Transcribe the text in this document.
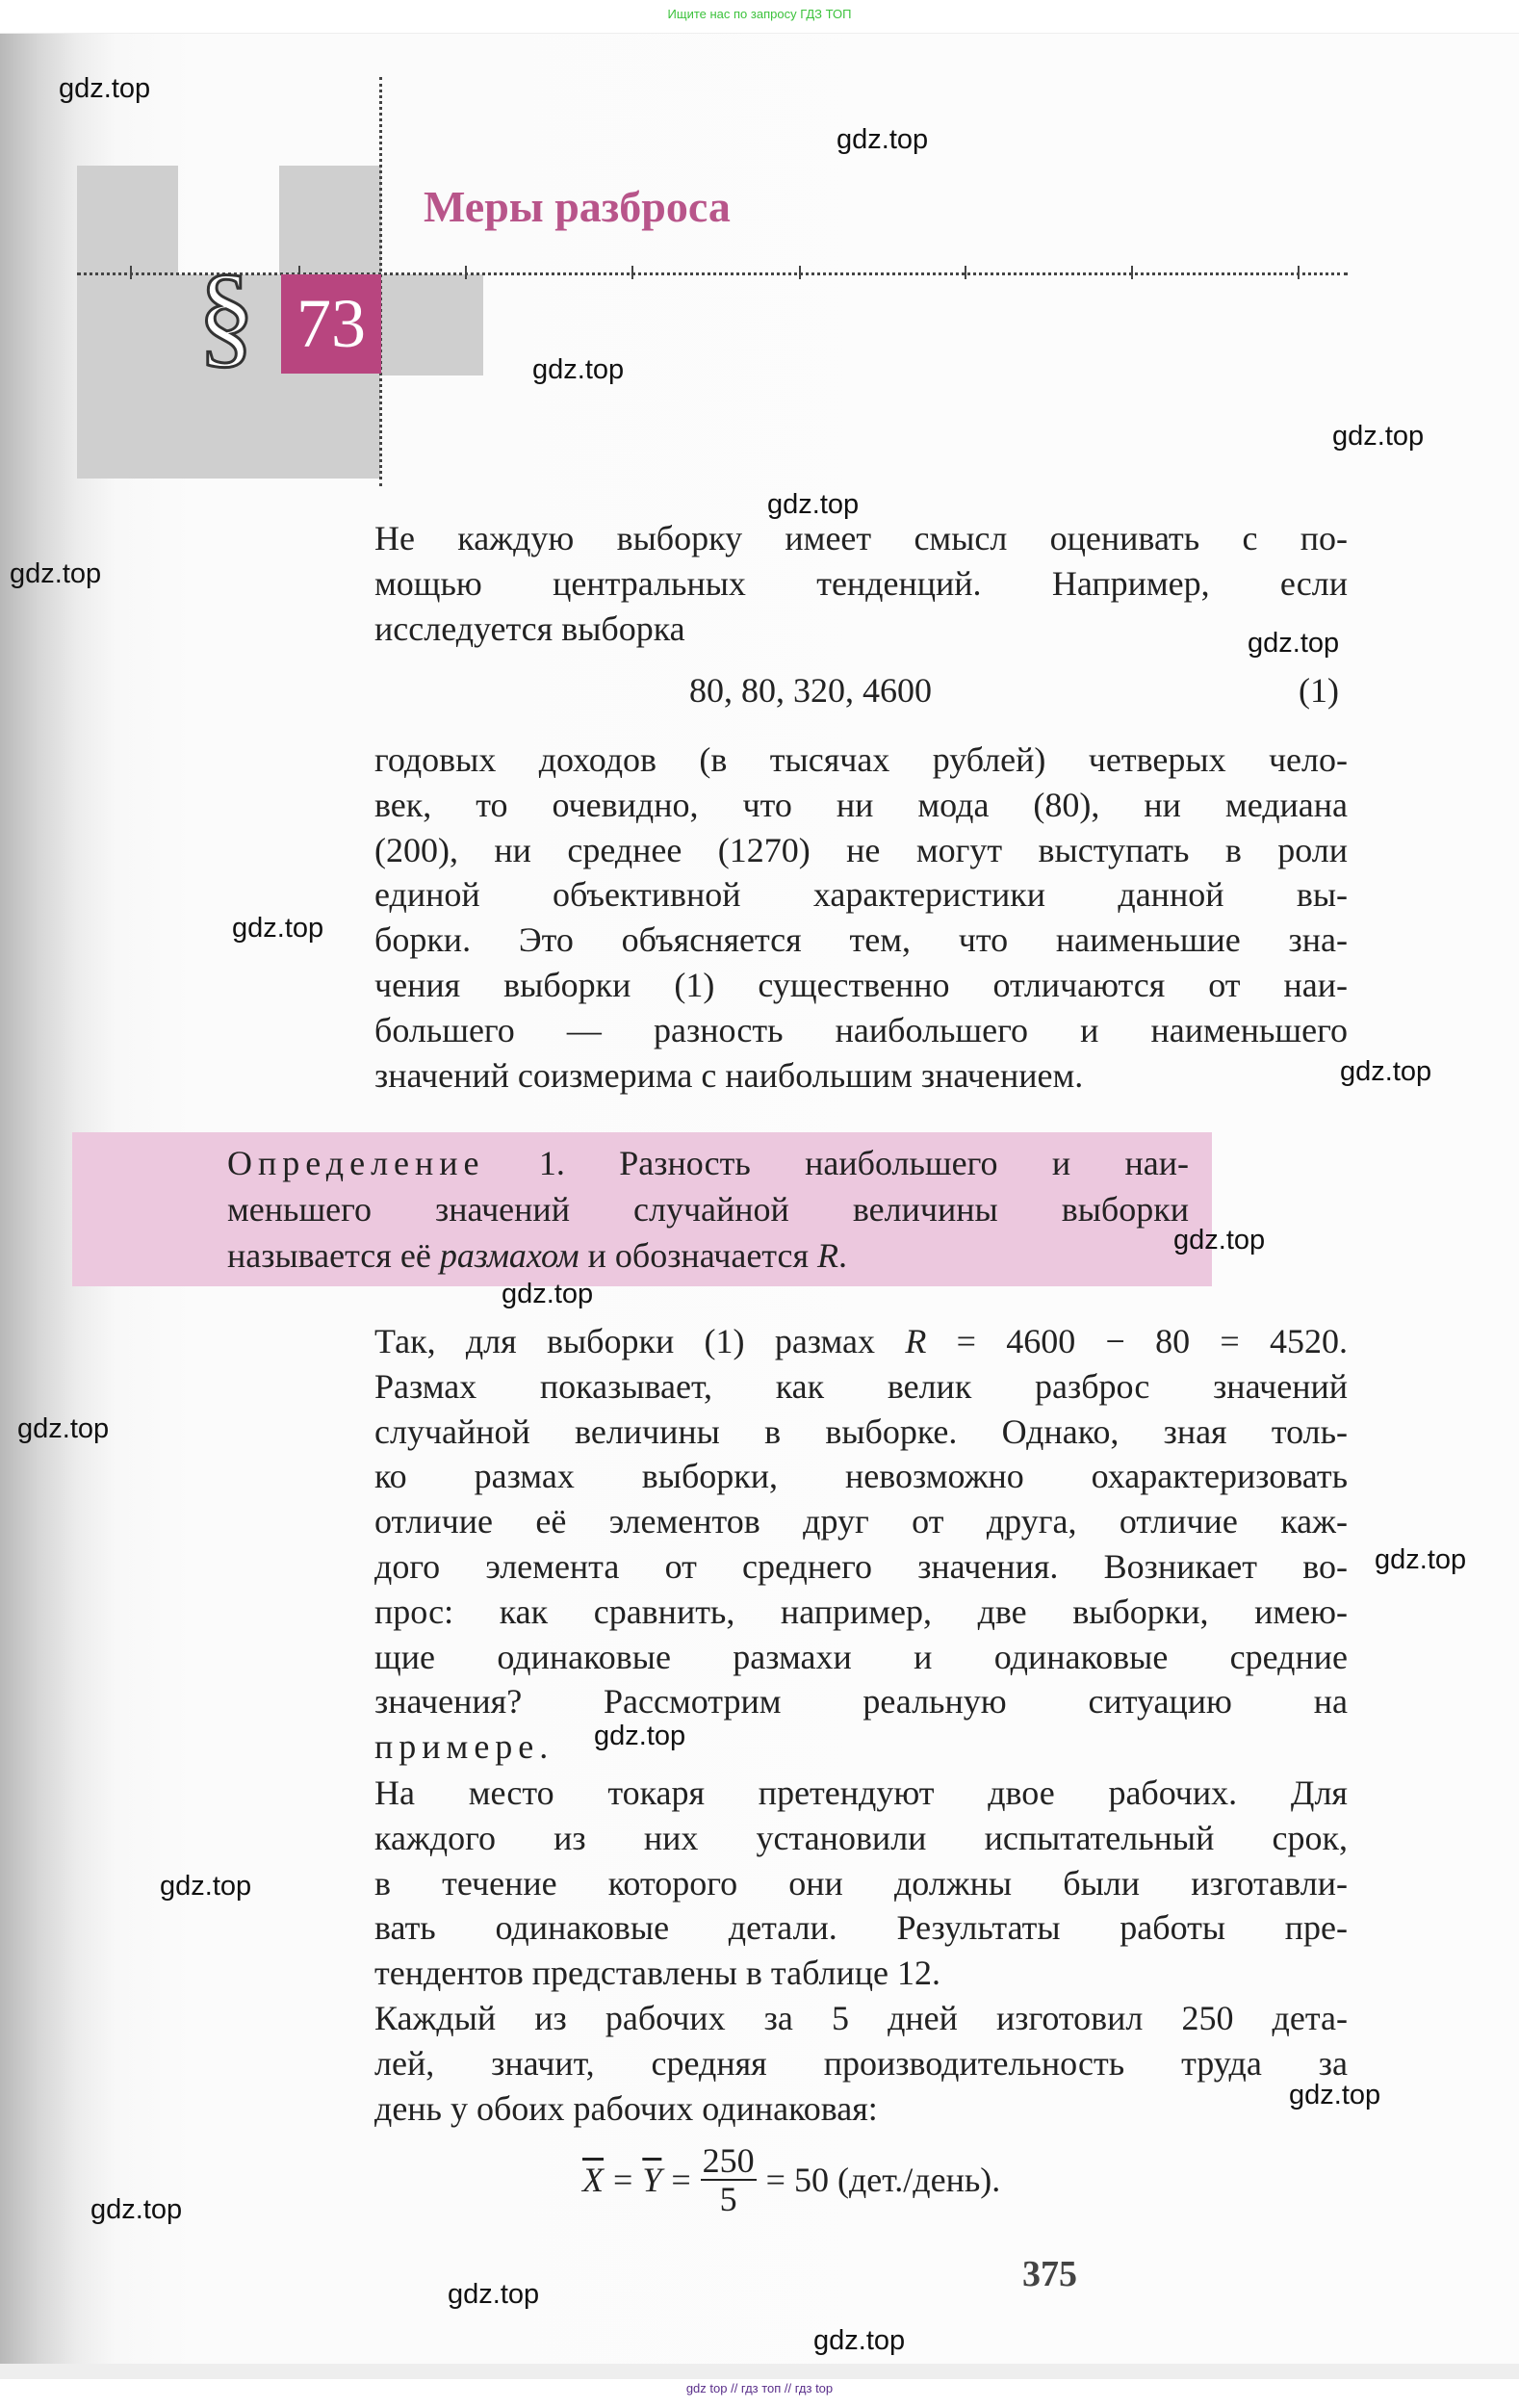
Ищите нас по запросу ГДЗ ТОП
§ 73
Меры разброса
Не каждую выборку имеет смысл оценивать с по-
мощью центральных тенденций. Например, если
исследуется выборка
годовых доходов (в тысячах рублей) четверых чело-
век, то очевидно, что ни мода (80), ни медиана
(200), ни среднее (1270) не могут выступать в роли
единой объективной характеристики данной вы-
борки. Это объясняется тем, что наименьшие зна-
чения выборки (1) существенно отличаются от наи-
большего — разность наибольшего и наименьшего
значений соизмерима с наибольшим значением.
Так, для выборки (1) размах R = 4600 − 80 = 4520.
Размах показывает, как велик разброс значений
случайной величины в выборке. Однако, зная толь-
ко размах выборки, невозможно охарактеризовать
отличие её элементов друг от друга, отличие каж-
дого элемента от среднего значения. Возникает во-
прос: как сравнить, например, две выборки, имею-
щие одинаковые размахи и одинаковые средние
значения? Рассмотрим реальную ситуацию на
примере.
На место токаря претендуют двое рабочих. Для
каждого из них установили испытательный срок,
в течение которого они должны были изготавли-
вать одинаковые детали. Результаты работы пре-
тендентов представлены в таблице 12.
Каждый из рабочих за 5 дней изготовил 250 дета-
лей, значит, средняя производительность труда за
день у обоих рабочих одинаковая:
Определение 1. Разность наибольшего и наи-
меньшего значений случайной величины выборки
называется её размахом и обозначается R.
80, 80, 320, 4600	(1)
$\overline{X} = \overline{Y} = \frac{250}{5} = 50$ (дет./день).
375
gdz.top
gdz.top
gdz.top
gdz.top
gdz.top
gdz.top
gdz.top
gdz.top
gdz.top
gdz.top
gdz.top
gdz.top
gdz.top
gdz.top
gdz.top
gdz.top
gdz.top
gdz.top
gdz.top
gdz top // гдз топ // гдз top
